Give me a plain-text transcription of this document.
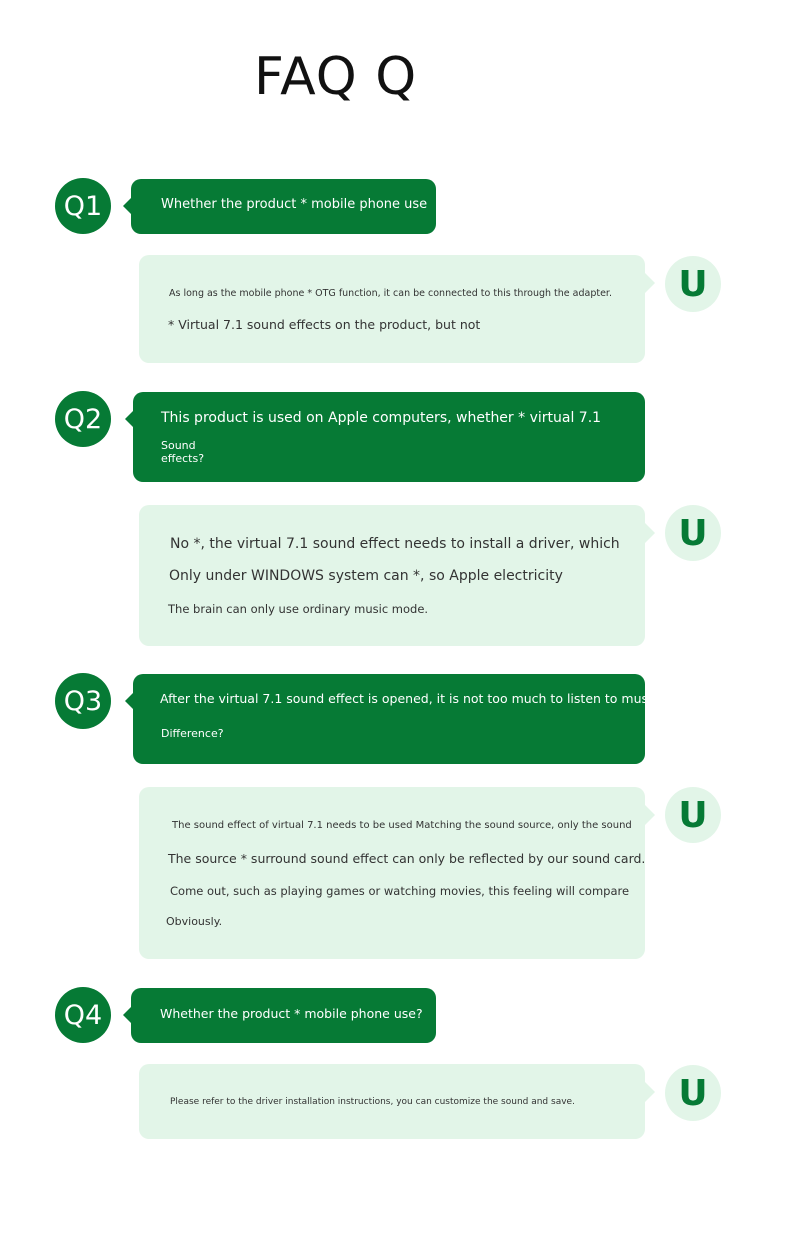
FAQ Q
Q1	Whether the product * mobile phone use
As long as the mobile phone * OTG function, it can be connected to this through the adapter.
* Virtual 7.1 sound effects on the product, but not
U
Q2	This product is used on Apple computers, whether * virtual 7.1
Sound
effects?
No *, the virtual 7.1 sound effect needs to install a driver, which
Only under WINDOWS system can *, so Apple electricity
The brain can only use ordinary music mode.
U
Q3	After the virtual 7.1 sound effect is opened, it is not too much to listen to music.
Difference?
The sound effect of virtual 7.1 needs to be used Matching the sound source, only the sound
The source * surround sound effect can only be reflected by our sound card.
Come out, such as playing games or watching movies, this feeling will compare
Obviously.
U
Q4	Whether the product * mobile phone use?
Please refer to the driver installation instructions, you can customize the sound and save.	U
